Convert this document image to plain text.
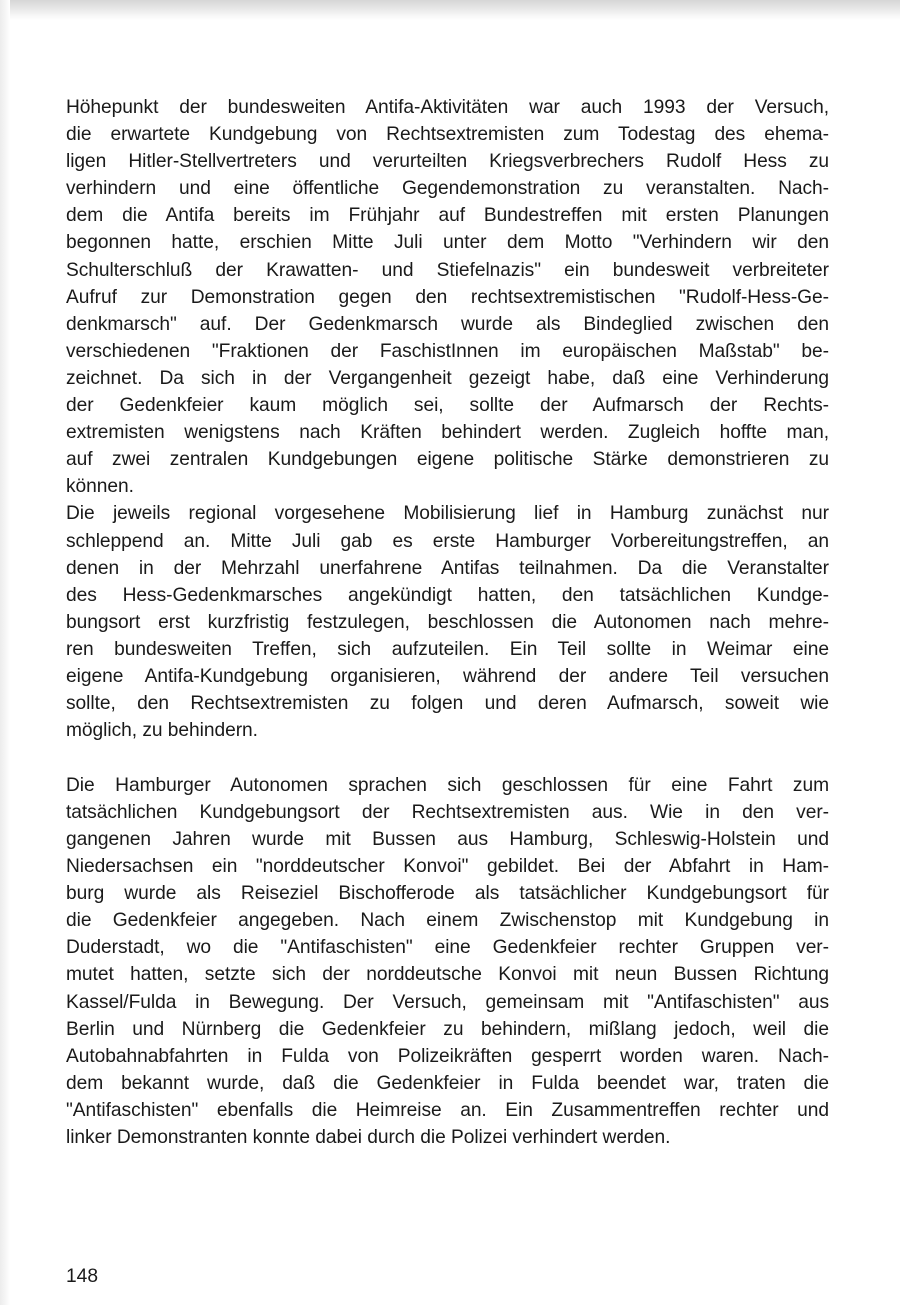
Höhepunkt der bundesweiten Antifa-Aktivitäten war auch 1993 der Versuch,
die erwartete Kundgebung von Rechtsextremisten zum Todestag des ehema-
ligen Hitler-Stellvertreters und verurteilten Kriegsverbrechers Rudolf Hess zu
verhindern und eine öffentliche Gegendemonstration zu veranstalten. Nach-
dem die Antifa bereits im Frühjahr auf Bundestreffen mit ersten Planungen
begonnen hatte, erschien Mitte Juli unter dem Motto "Verhindern wir den
Schulterschluß der Krawatten- und Stiefelnazis" ein bundesweit verbreiteter
Aufruf zur Demonstration gegen den rechtsextremistischen "Rudolf-Hess-Ge-
denkmarsch" auf. Der Gedenkmarsch wurde als Bindeglied zwischen den
verschiedenen "Fraktionen der FaschistInnen im europäischen Maßstab" be-
zeichnet. Da sich in der Vergangenheit gezeigt habe, daß eine Verhinderung
der Gedenkfeier kaum möglich sei, sollte der Aufmarsch der Rechts-
extremisten wenigstens nach Kräften behindert werden. Zugleich hoffte man,
auf zwei zentralen Kundgebungen eigene politische Stärke demonstrieren zu
können.

Die jeweils regional vorgesehene Mobilisierung lief in Hamburg zunächst nur
schleppend an. Mitte Juli gab es erste Hamburger Vorbereitungstreffen, an
denen in der Mehrzahl unerfahrene Antifas teilnahmen. Da die Veranstalter
des Hess-Gedenkmarsches angekündigt hatten, den tatsächlichen Kundge-
bungsort erst kurzfristig festzulegen, beschlossen die Autonomen nach mehre-
ren bundesweiten Treffen, sich aufzuteilen. Ein Teil sollte in Weimar eine
eigene Antifa-Kundgebung organisieren, während der andere Teil versuchen
sollte, den Rechtsextremisten zu folgen und deren Aufmarsch, soweit wie
möglich, zu behindern.

Die Hamburger Autonomen sprachen sich geschlossen für eine Fahrt zum
tatsächlichen Kundgebungsort der Rechtsextremisten aus. Wie in den ver-
gangenen Jahren wurde mit Bussen aus Hamburg, Schleswig-Holstein und
Niedersachsen ein "norddeutscher Konvoi" gebildet. Bei der Abfahrt in Ham-
burg wurde als Reiseziel Bischofferode als tatsächlicher Kundgebungsort für
die Gedenkfeier angegeben. Nach einem Zwischenstop mit Kundgebung in
Duderstadt, wo die "Antifaschisten" eine Gedenkfeier rechter Gruppen ver-
mutet hatten, setzte sich der norddeutsche Konvoi mit neun Bussen Richtung
Kassel/Fulda in Bewegung. Der Versuch, gemeinsam mit "Antifaschisten" aus
Berlin und Nürnberg die Gedenkfeier zu behindern, mißlang jedoch, weil die
Autobahnabfahrten in Fulda von Polizeikräften gesperrt worden waren. Nach-
dem bekannt wurde, daß die Gedenkfeier in Fulda beendet war, traten die
"Antifaschisten" ebenfalls die Heimreise an. Ein Zusammentreffen rechter und
linker Demonstranten konnte dabei durch die Polizei verhindert werden.

148
